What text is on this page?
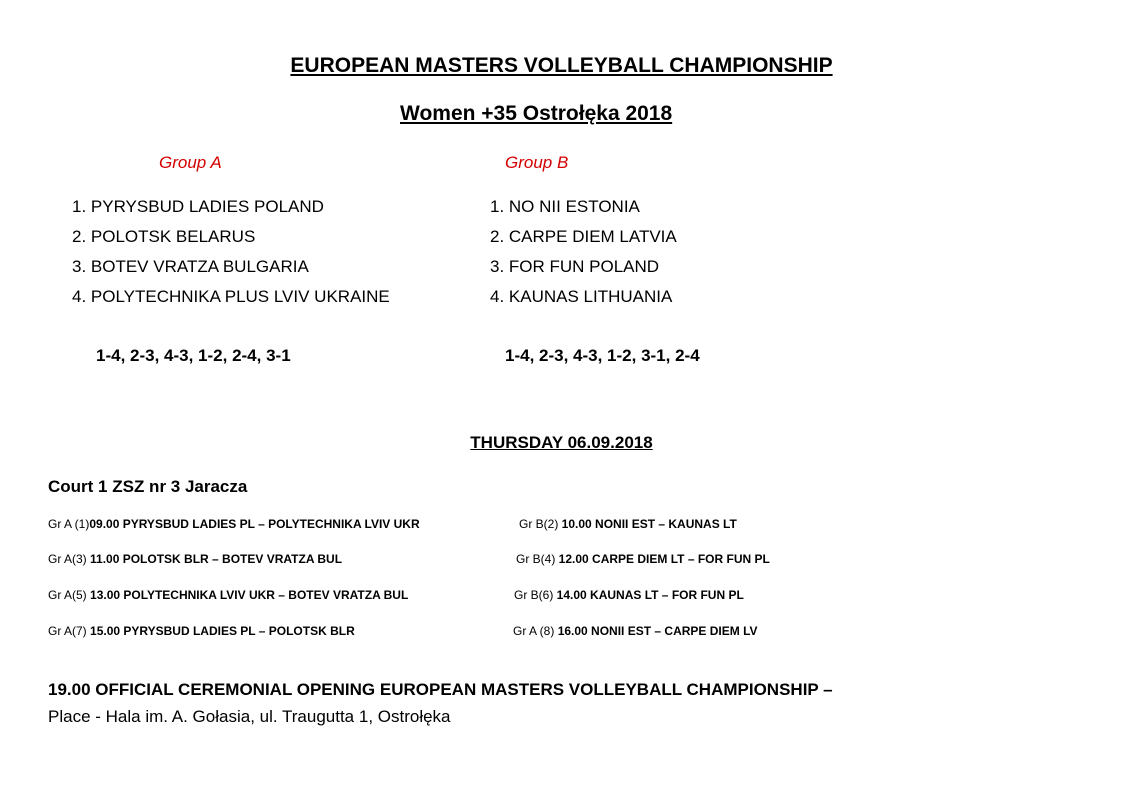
EUROPEAN MASTERS VOLLEYBALL CHAMPIONSHIP
Women +35 Ostrołęka 2018
Group A
1. PYRYSBUD LADIES POLAND
2. POLOTSK BELARUS
3. BOTEV VRATZA BULGARIA
4. POLYTECHNIKA PLUS LVIV UKRAINE
1-4, 2-3, 4-3, 1-2, 2-4, 3-1
Group B
1. NO NII ESTONIA
2. CARPE DIEM LATVIA
3. FOR FUN POLAND
4. KAUNAS LITHUANIA
1-4, 2-3, 4-3, 1-2, 3-1, 2-4
THURSDAY 06.09.2018
Court 1 ZSZ nr 3 Jaracza
Gr A (1)09.00 PYRYSBUD LADIES PL – POLYTECHNIKA LVIV UKR
Gr A(3) 11.00 POLOTSK BLR – BOTEV VRATZA BUL
Gr A(5) 13.00 POLYTECHNIKA LVIV UKR – BOTEV VRATZA BUL
Gr A(7) 15.00 PYRYSBUD LADIES PL – POLOTSK BLR
Gr B(2) 10.00 NONII EST – KAUNAS LT
Gr B(4) 12.00 CARPE DIEM LT – FOR FUN PL
Gr B(6) 14.00 KAUNAS LT – FOR FUN PL
Gr A (8) 16.00 NONII EST – CARPE DIEM LV
19.00 OFFICIAL CEREMONIAL OPENING EUROPEAN MASTERS VOLLEYBALL CHAMPIONSHIP –
Place - Hala im. A. Gołasia, ul. Traugutta 1, Ostrołęka
